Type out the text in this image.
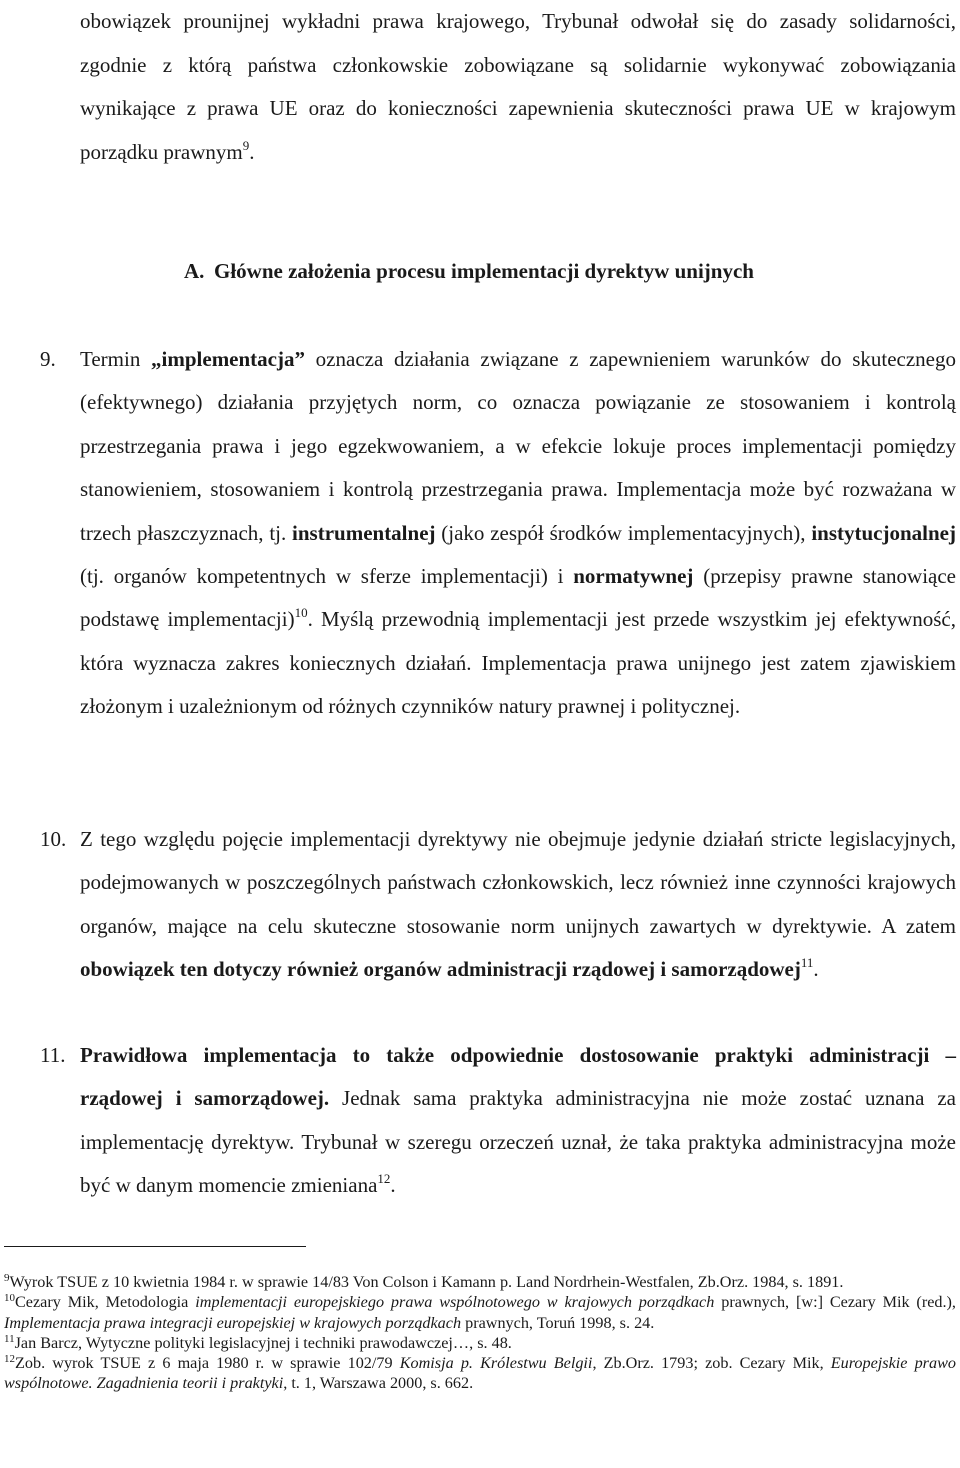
obowiązek prounijnej wykładni prawa krajowego, Trybunał odwołał się do zasady solidarności, zgodnie z którą państwa członkowskie zobowiązane są solidarnie wykonywać zobowiązania wynikające z prawa UE oraz do konieczności zapewnienia skuteczności prawa UE w krajowym porządku prawnym$^9$.
A. Główne założenia procesu implementacji dyrektyw unijnych
9. Termin „implementacja” oznacza działania związane z zapewnieniem warunków do skutecznego (efektywnego) działania przyjętych norm, co oznacza powiązanie ze stosowaniem i kontrolą przestrzegania prawa i jego egzekwowaniem, a w efekcie lokuje proces implementacji pomiędzy stanowieniem, stosowaniem i kontrolą przestrzegania prawa. Implementacja może być rozważana w trzech płaszczyznach, tj. instrumentalnej (jako zespół środków implementacyjnych), instytucjonalnej (tj. organów kompetentnych w sferze implementacji) i normatywnej (przepisy prawne stanowiące podstawę implementacji)$^{10}$. Myślą przewodnią implementacji jest przede wszystkim jej efektywność, która wyznacza zakres koniecznych działań. Implementacja prawa unijnego jest zatem zjawiskiem złożonym i uzależnionym od różnych czynników natury prawnej i politycznej.
10. Z tego względu pojęcie implementacji dyrektywy nie obejmuje jedynie działań stricte legislacyjnych, podejmowanych w poszczególnych państwach członkowskich, lecz również inne czynności krajowych organów, mające na celu skuteczne stosowanie norm unijnych zawartych w dyrektywie. A zatem obowiązek ten dotyczy również organów administracji rządowej i samorządowej$^{11}$.
11. Prawidłowa implementacja to także odpowiednie dostosowanie praktyki administracji – rządowej i samorządowej. Jednak sama praktyka administracyjna nie może zostać uznana za implementację dyrektyw. Trybunał w szeregu orzeczeń uznał, że taka praktyka administracyjna może być w danym momencie zmieniana$^{12}$.

$^9$Wyrok TSUE z 10 kwietnia 1984 r. w sprawie 14/83 Von Colson i Kamann p. Land Nordrhein-Westfalen, Zb.Orz. 1984, s. 1891.

$^{10}$Cezary Mik, Metodologia implementacji europejskiego prawa wspólnotowego w krajowych porządkach prawnych, [w:] Cezary Mik (red.), Implementacja prawa integracji europejskiej w krajowych porządkach prawnych, Toruń 1998, s. 24.

$^{11}$Jan Barcz, Wytyczne polityki legislacyjnej i techniki prawodawczej…, s. 48.

$^{12}$Zob. wyrok TSUE z 6 maja 1980 r. w sprawie 102/79 Komisja p. Królestwu Belgii, Zb.Orz. 1793; zob. Cezary Mik, Europejskie prawo wspólnotowe. Zagadnienia teorii i praktyki, t. 1, Warszawa 2000, s. 662.
